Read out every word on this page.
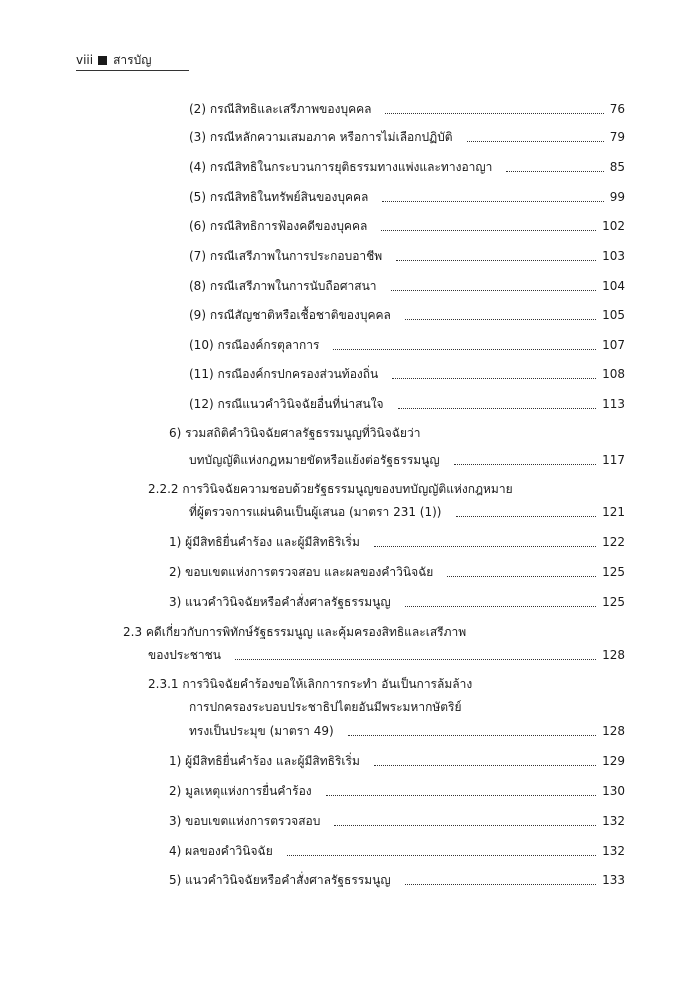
viii สารบัญ
(2) กรณีสิทธิและเสรีภาพของบุคคล	76
(3) กรณีหลักความเสมอภาค หรือการไม่เลือกปฏิบัติ	79
(4) กรณีสิทธิในกระบวนการยุติธรรมทางแพ่งและทางอาญา	85
(5) กรณีสิทธิในทรัพย์สินของบุคคล	99
(6) กรณีสิทธิการฟ้องคดีของบุคคล	102
(7) กรณีเสรีภาพในการประกอบอาชีพ	103
(8) กรณีเสรีภาพในการนับถือศาสนา	104
(9) กรณีสัญชาติหรือเชื้อชาติของบุคคล	105
(10) กรณีองค์กรตุลาการ	107
(11) กรณีองค์กรปกครองส่วนท้องถิ่น	108
(12) กรณีแนวคำวินิจฉัยอื่นที่น่าสนใจ	113
6) รวมสถิติคำวินิจฉัยศาลรัฐธรรมนูญที่วินิจฉัยว่า
บทบัญญัติแห่งกฎหมายขัดหรือแย้งต่อรัฐธรรมนูญ	117
2.2.2 การวินิจฉัยความชอบด้วยรัฐธรรมนูญของบทบัญญัติแห่งกฎหมาย
ที่ผู้ตรวจการแผ่นดินเป็นผู้เสนอ (มาตรา 231 (1))	121
1) ผู้มีสิทธิยื่นคำร้อง และผู้มีสิทธิริเริ่ม	122
2) ขอบเขตแห่งการตรวจสอบ และผลของคำวินิจฉัย	125
3) แนวคำวินิจฉัยหรือคำสั่งศาลรัฐธรรมนูญ	125
2.3 คดีเกี่ยวกับการพิทักษ์รัฐธรรมนูญ และคุ้มครองสิทธิและเสรีภาพ
ของประชาชน	128
2.3.1 การวินิจฉัยคำร้องขอให้เลิกการกระทำ อันเป็นการล้มล้าง
การปกครองระบอบประชาธิปไตยอันมีพระมหากษัตริย์
ทรงเป็นประมุข (มาตรา 49)	128
1) ผู้มีสิทธิยื่นคำร้อง และผู้มีสิทธิริเริ่ม	129
2) มูลเหตุแห่งการยื่นคำร้อง	130
3) ขอบเขตแห่งการตรวจสอบ	132
4) ผลของคำวินิจฉัย	132
5) แนวคำวินิจฉัยหรือคำสั่งศาลรัฐธรรมนูญ	133
